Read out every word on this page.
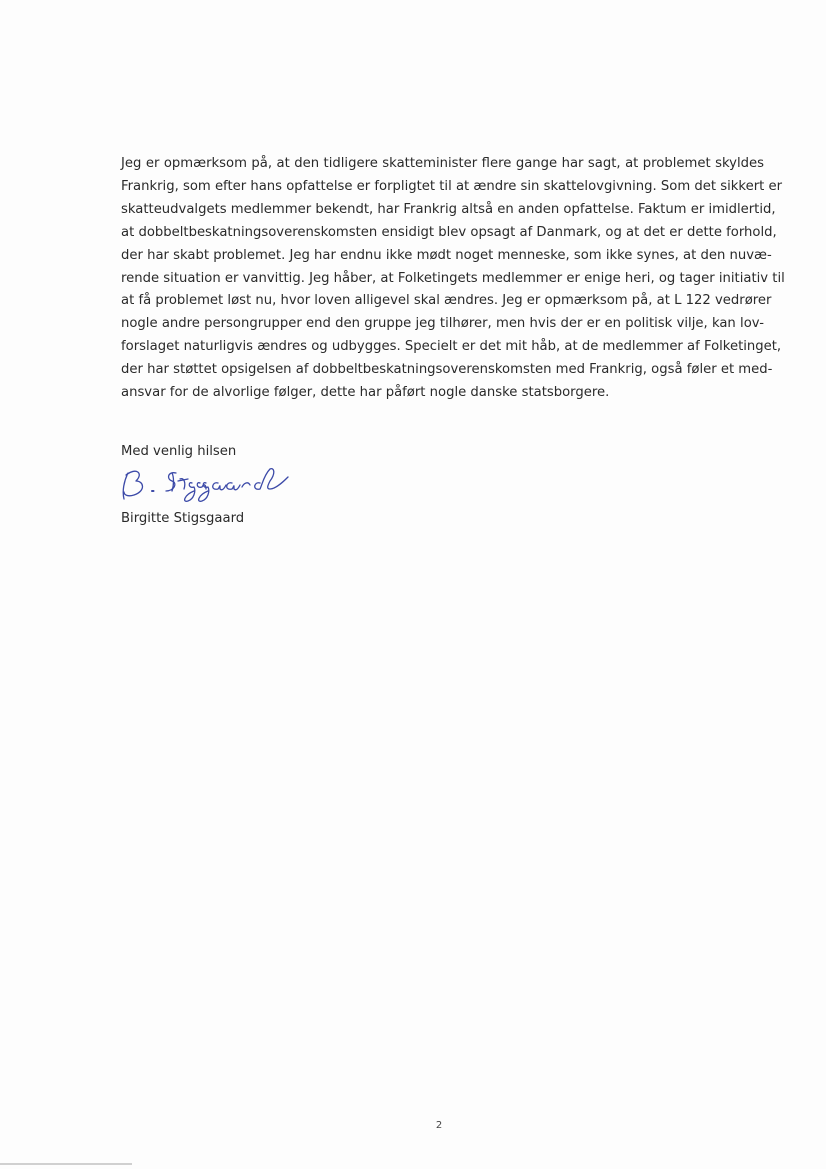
Jeg er opmærksom på, at den tidligere skatteminister flere gange har sagt, at problemet skyldes
Frankrig, som efter hans opfattelse er forpligtet til at ændre sin skattelovgivning. Som det sikkert er
skatteudvalgets medlemmer bekendt, har Frankrig altså en anden opfattelse. Faktum er imidlertid,
at dobbeltbeskatningsoverenskomsten ensidigt blev opsagt af Danmark, og at det er dette forhold,
der har skabt problemet. Jeg har endnu ikke mødt noget menneske, som ikke synes, at den nuvæ-
rende situation er vanvittig. Jeg håber, at Folketingets medlemmer er enige heri, og tager initiativ til
at få problemet løst nu, hvor loven alligevel skal ændres. Jeg er opmærksom på, at L 122 vedrører
nogle andre persongrupper end den gruppe jeg tilhører, men hvis der er en politisk vilje, kan lov-
forslaget naturligvis ændres og udbygges. Specielt er det mit håb, at de medlemmer af Folketinget,
der har støttet opsigelsen af dobbeltbeskatningsoverenskomsten med Frankrig, også føler et med-
ansvar for de alvorlige følger, dette har påført nogle danske statsborgere.
Med venlig hilsen
Birgitte Stigsgaard
2
